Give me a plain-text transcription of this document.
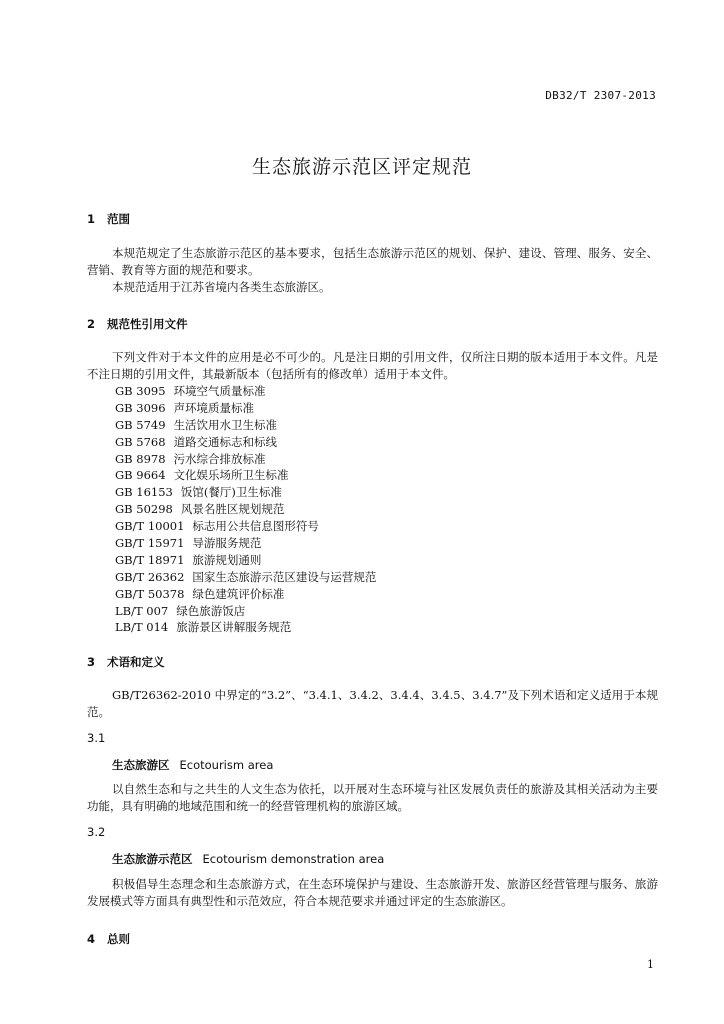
DB32/T 2307-2013
生态旅游示范区评定规范
1 范围
本规范规定了生态旅游示范区的基本要求，包括生态旅游示范区的规划、保护、建设、管理、服务、安全、营销、教育等方面的规范和要求。
本规范适用于江苏省境内各类生态旅游区。
2 规范性引用文件
下列文件对于本文件的应用是必不可少的。凡是注日期的引用文件，仅所注日期的版本适用于本文件。凡是不注日期的引用文件，其最新版本（包括所有的修改单）适用于本文件。
GB 3095 环境空气质量标准
GB 3096 声环境质量标准
GB 5749 生活饮用水卫生标准
GB 5768 道路交通标志和标线
GB 8978 污水综合排放标准
GB 9664 文化娱乐场所卫生标准
GB 16153 饭馆(餐厅)卫生标准
GB 50298 风景名胜区规划规范
GB/T 10001 标志用公共信息图形符号
GB/T 15971 导游服务规范
GB/T 18971 旅游规划通则
GB/T 26362 国家生态旅游示范区建设与运营规范
GB/T 50378 绿色建筑评价标准
LB/T 007 绿色旅游饭店
LB/T 014 旅游景区讲解服务规范
3 术语和定义
GB/T26362-2010 中界定的“3.2”、“3.4.1、3.4.2、3.4.4、3.4.5、3.4.7”及下列术语和定义适用于本规范。
3.1
生态旅游区 Ecotourism area
以自然生态和与之共生的人文生态为依托，以开展对生态环境与社区发展负责任的旅游及其相关活动为主要功能，具有明确的地域范围和统一的经营管理机构的旅游区域。
3.2
生态旅游示范区 Ecotourism demonstration area
积极倡导生态理念和生态旅游方式，在生态环境保护与建设、生态旅游开发、旅游区经营管理与服务、旅游发展模式等方面具有典型性和示范效应，符合本规范要求并通过评定的生态旅游区。
4 总则
1
